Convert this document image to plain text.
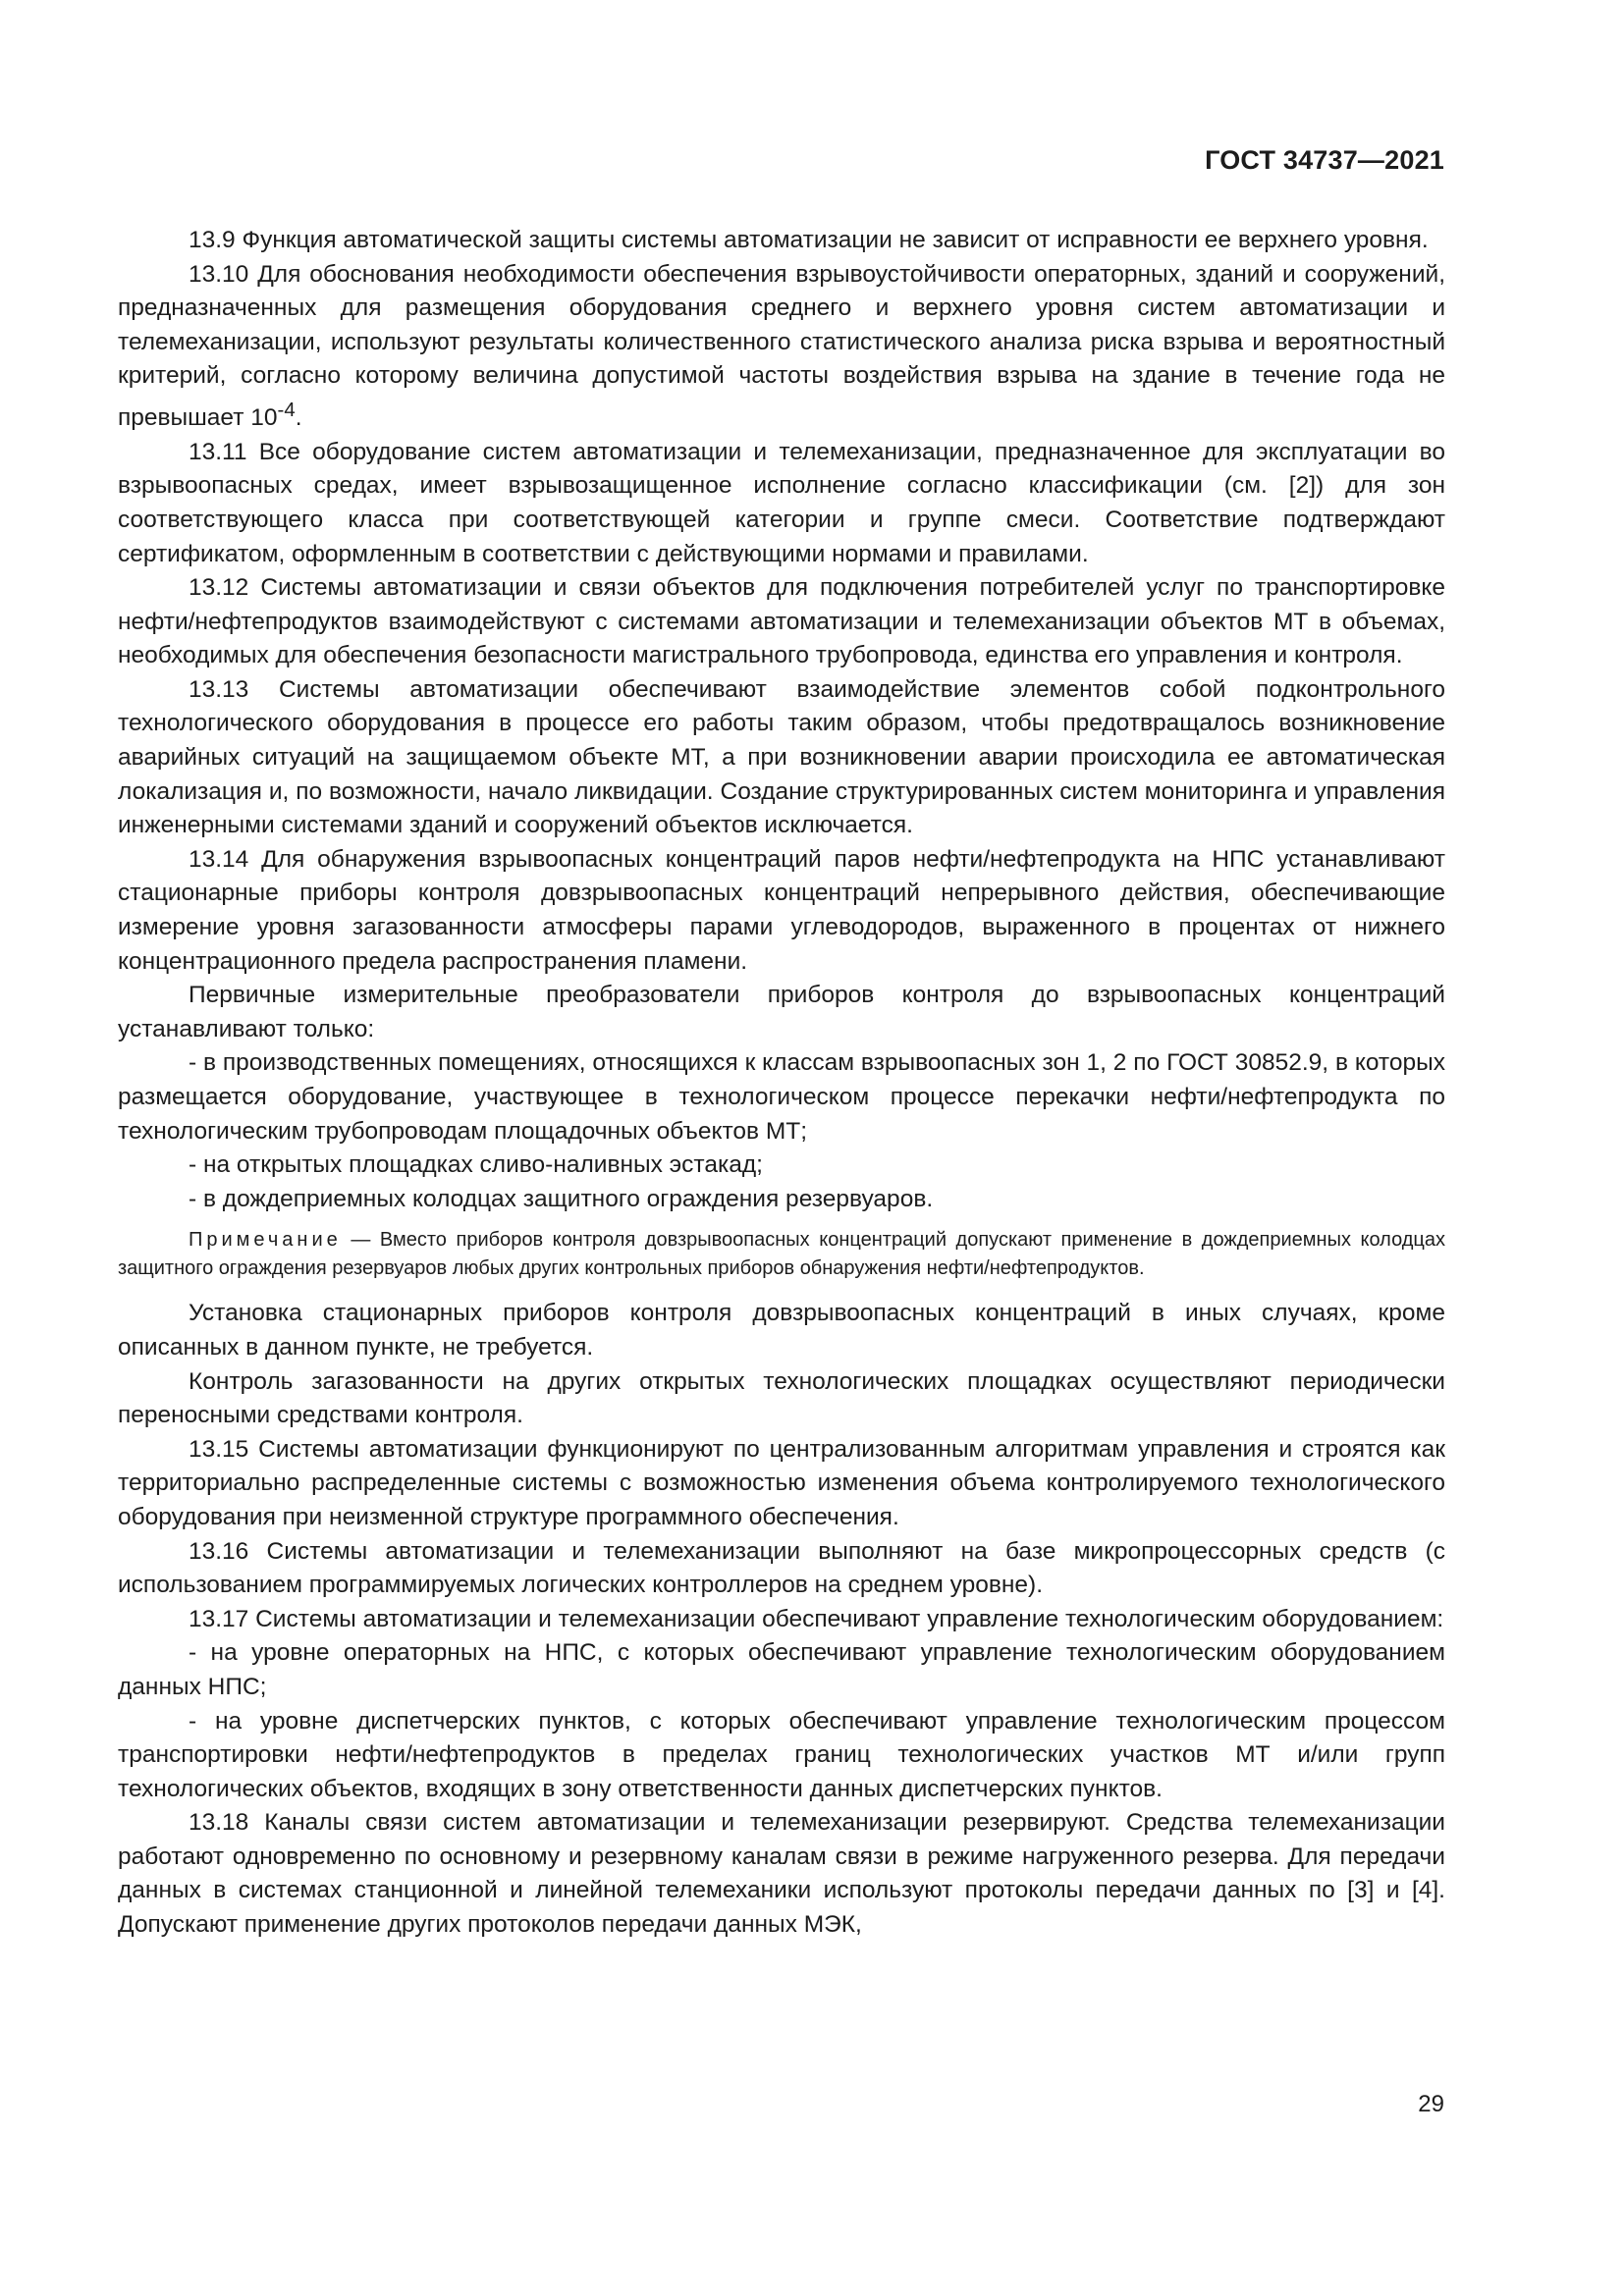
ГОСТ 34737—2021

13.9 Функция автоматической защиты системы автоматизации не зависит от исправности ее верхнего уровня.

13.10 Для обоснования необходимости обеспечения взрывоустойчивости операторных, зданий и сооружений, предназначенных для размещения оборудования среднего и верхнего уровня систем автоматизации и телемеханизации, используют результаты количественного статистического анализа риска взрыва и вероятностный критерий, согласно которому величина допустимой частоты воздействия взрыва на здание в течение года не превышает $10^{-4}$.

13.11 Все оборудование систем автоматизации и телемеханизации, предназначенное для эксплуатации во взрывоопасных средах, имеет взрывозащищенное исполнение согласно классификации (см. [2]) для зон соответствующего класса при соответствующей категории и группе смеси. Соответствие подтверждают сертификатом, оформленным в соответствии с действующими нормами и правилами.

13.12 Системы автоматизации и связи объектов для подключения потребителей услуг по транспортировке нефти/нефтепродуктов взаимодействуют с системами автоматизации и телемеханизации объектов МТ в объемах, необходимых для обеспечения безопасности магистрального трубопровода, единства его управления и контроля.

13.13 Системы автоматизации обеспечивают взаимодействие элементов собой подконтрольного технологического оборудования в процессе его работы таким образом, чтобы предотвращалось возникновение аварийных ситуаций на защищаемом объекте МТ, а при возникновении аварии происходила ее автоматическая локализация и, по возможности, начало ликвидации. Создание структурированных систем мониторинга и управления инженерными системами зданий и сооружений объектов исключается.

13.14 Для обнаружения взрывоопасных концентраций паров нефти/нефтепродукта на НПС устанавливают стационарные приборы контроля довзрывоопасных концентраций непрерывного действия, обеспечивающие измерение уровня загазованности атмосферы парами углеводородов, выраженного в процентах от нижнего концентрационного предела распространения пламени.

Первичные измерительные преобразователи приборов контроля до взрывоопасных концентраций устанавливают только:

- в производственных помещениях, относящихся к классам взрывоопасных зон 1, 2 по ГОСТ 30852.9, в которых размещается оборудование, участвующее в технологическом процессе перекачки нефти/нефтепродукта по технологическим трубопроводам площадочных объектов МТ;

- на открытых площадках сливо-наливных эстакад;

- в дождеприемных колодцах защитного ограждения резервуаров.

Примечание — Вместо приборов контроля довзрывоопасных концентраций допускают применение в дождеприемных колодцах защитного ограждения резервуаров любых других контрольных приборов обнаружения нефти/нефтепродуктов.

Установка стационарных приборов контроля довзрывоопасных концентраций в иных случаях, кроме описанных в данном пункте, не требуется.

Контроль загазованности на других открытых технологических площадках осуществляют периодически переносными средствами контроля.

13.15 Системы автоматизации функционируют по централизованным алгоритмам управления и строятся как территориально распределенные системы с возможностью изменения объема контролируемого технологического оборудования при неизменной структуре программного обеспечения.

13.16 Системы автоматизации и телемеханизации выполняют на базе микропроцессорных средств (с использованием программируемых логических контроллеров на среднем уровне).

13.17 Системы автоматизации и телемеханизации обеспечивают управление технологическим оборудованием:

- на уровне операторных на НПС, с которых обеспечивают управление технологическим оборудованием данных НПС;

- на уровне диспетчерских пунктов, с которых обеспечивают управление технологическим процессом транспортировки нефти/нефтепродуктов в пределах границ технологических участков МТ и/или групп технологических объектов, входящих в зону ответственности данных диспетчерских пунктов.

13.18 Каналы связи систем автоматизации и телемеханизации резервируют. Средства телемеханизации работают одновременно по основному и резервному каналам связи в режиме нагруженного резерва. Для передачи данных в системах станционной и линейной телемеханики используют протоколы передачи данных по [3] и [4]. Допускают применение других протоколов передачи данных МЭК,

29
